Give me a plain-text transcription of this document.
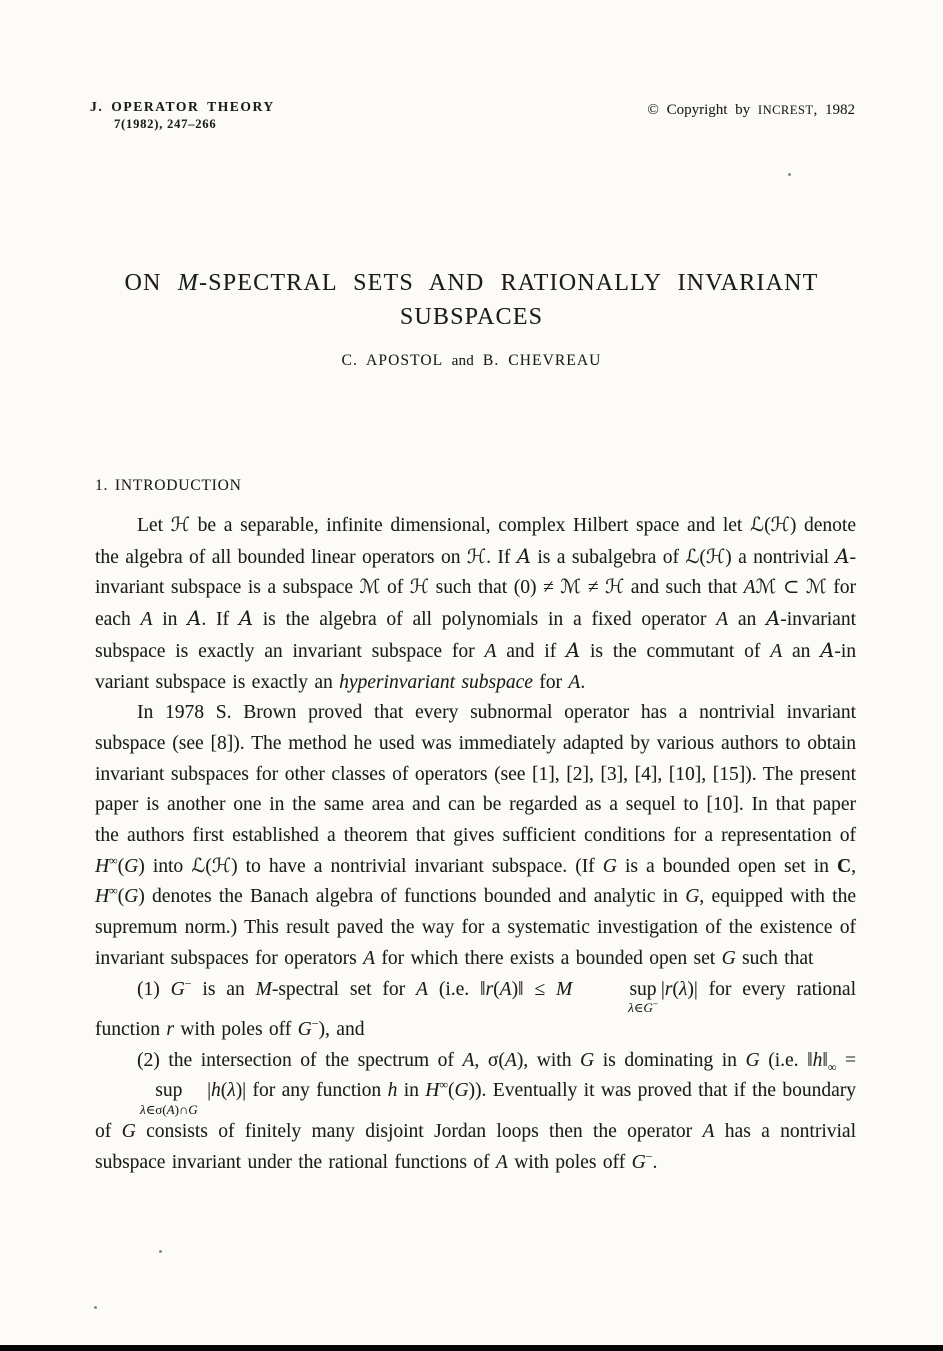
J. OPERATOR THEORY
7(1982), 247–266
© Copyright by INCREST, 1982
ON M-SPECTRAL SETS AND RATIONALLY INVARIANT
SUBSPACES
C. APOSTOL and B. CHEVREAU
1. INTRODUCTION

Let ℋ be a separable, infinite dimensional, complex Hilbert space and let ℒ(ℋ) denote the algebra of all bounded linear operators on ℋ. If A is a subalgebra of ℒ(ℋ) a nontrivial A-invariant subspace is a subspace ℳ of ℋ such that (0) ≠ ℳ ≠ ℋ and such that Aℳ ⊂ ℳ for each A in A. If A is the algebra of all polynomials in a fixed operator A an A-invariant subspace is exactly an invariant subspace for A and if A is the commutant of A an A-in variant subspace is exactly an hyperinvariant subspace for A.

In 1978 S. Brown proved that every subnormal operator has a nontrivial invariant subspace (see [8]). The method he used was immediately adapted by various authors to obtain invariant subspaces for other classes of operators (see [1], [2], [3], [4], [10], [15]). The present paper is another one in the same area and can be regarded as a sequel to [10]. In that paper the authors first established a theorem that gives sufficient conditions for a representation of H∞(G) into ℒ(ℋ) to have a nontrivial invariant subspace. (If G is a bounded open set in C, H∞(G) denotes the Banach algebra of functions bounded and analytic in G, equipped with the supremum norm.) This result paved the way for a systematic investigation of the existence of invariant subspaces for operators A for which there exists a bounded open set G such that

(1) G− is an M-spectral set for A (i.e. ‖r(A)‖ ≤ M	sup
λ∈G−
|r(λ)| for every rational function r with poles off G−), and

(2) the intersection of the spectrum of A, σ(A), with G is dominating in G (i.e. $‖h‖_\infty$ =
sup
λ∈σ(A)∩G
|h(λ)| for any function h in H∞(G)). Eventually it was proved that if the boundary of G consists of finitely many disjoint Jordan loops then the operator A has a nontrivial subspace invariant under the rational functions of A with poles off G−.
